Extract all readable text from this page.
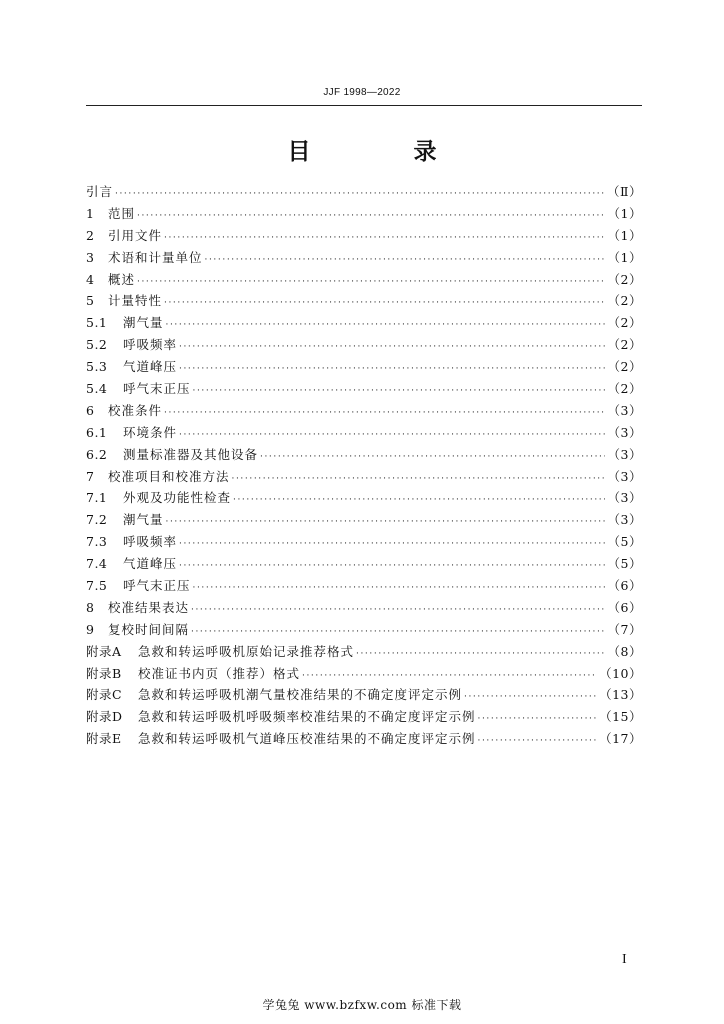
JJF 1998—2022
目　录
引言 ·····	（Ⅱ）
1	范围 ·····	（1）
2	引用文件 ·····	（1）
3	术语和计量单位 ·····	（1）
4	概述 ·····	（2）
5	计量特性 ·····	（2）
5.1	潮气量 ·····	（2）
5.2	呼吸频率 ·····	（2）
5.3	气道峰压 ·····	（2）
5.4	呼气末正压 ·····	（2）
6	校准条件 ·····	（3）
6.1	环境条件 ·····	（3）
6.2	测量标准器及其他设备 ·····	（3）
7	校准项目和校准方法 ·····	（3）
7.1	外观及功能性检查 ·····	（3）
7.2	潮气量 ·····	（3）
7.3	呼吸频率 ·····	（5）
7.4	气道峰压 ·····	（5）
7.5	呼气末正压 ·····	（6）
8	校准结果表达 ·····	（6）
9	复校时间间隔 ·····	（7）
附录A	急救和转运呼吸机原始记录推荐格式 ·····	（8）
附录B	校准证书内页（推荐）格式 ·····	（10）
附录C	急救和转运呼吸机潮气量校准结果的不确定度评定示例 ·····	（13）
附录D	急救和转运呼吸机呼吸频率校准结果的不确定度评定示例 ·····	（15）
附录E	急救和转运呼吸机气道峰压校准结果的不确定度评定示例 ·····	（17）
I
学兔兔 www.bzfxw.com 标准下载
